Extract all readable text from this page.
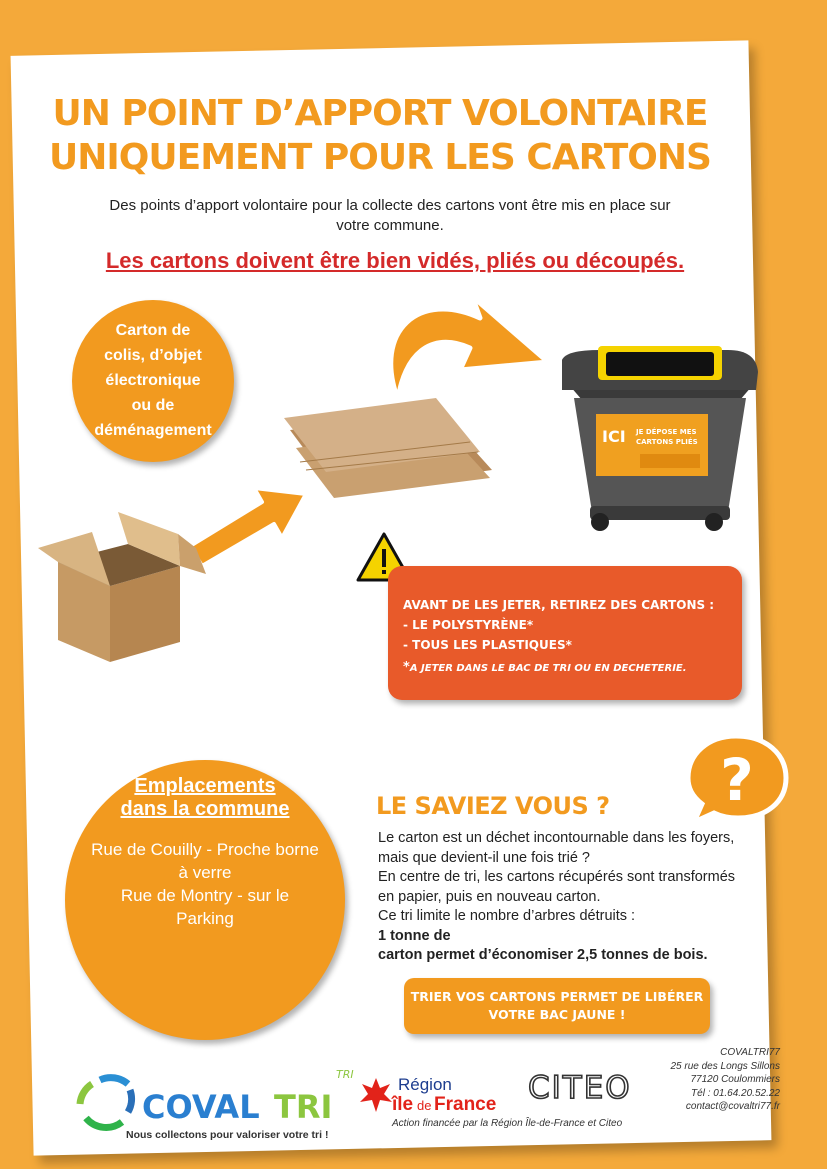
UN POINT D’APPORT VOLONTAIRE
UNIQUEMENT POUR LES CARTONS
Des points d’apport volontaire pour la collecte des cartons vont être mis en place sur
votre commune.
Les cartons doivent être bien vidés, pliés ou découpés.
Carton de
colis, d’objet
électronique
ou de
déménagement	ICI JE DÉPOSE MES
CARTONS PLIÉS
AVANT DE LES JETER, RETIREZ DES CARTONS :
- LE POLYSTYRÈNE*
- TOUS LES PLASTIQUES*
*A JETER DANS LE BAC DE TRI OU EN DECHETERIE.
Emplacements
dans la commune
Rue de Couilly - Proche borne
à verre
Rue de Montry - sur le
Parking
?
LE SAVIEZ VOUS ?
Le carton est un déchet incontournable dans les foyers,
mais que devient-il une fois trié ?
En centre de tri, les cartons récupérés sont transformés
en papier, puis en nouveau carton.
Ce tri limite le nombre d’arbres détruits :
1 tonne de
carton permet d’économiser 2,5 tonnes de bois.
TRIER VOS CARTONS PERMET DE LIBÉRER
VOTRE BAC JAUNE !
COVAL TRI
TRI
Nous collectons pour valoriser votre tri !
Région
île de France CITEO
Action financée par la Région Île-de-France et Citeo
COVALTRI77
25 rue des Longs Sillons
77120 Coulommiers
Tél : 01.64.20.52.22
contact@covaltri77.fr
